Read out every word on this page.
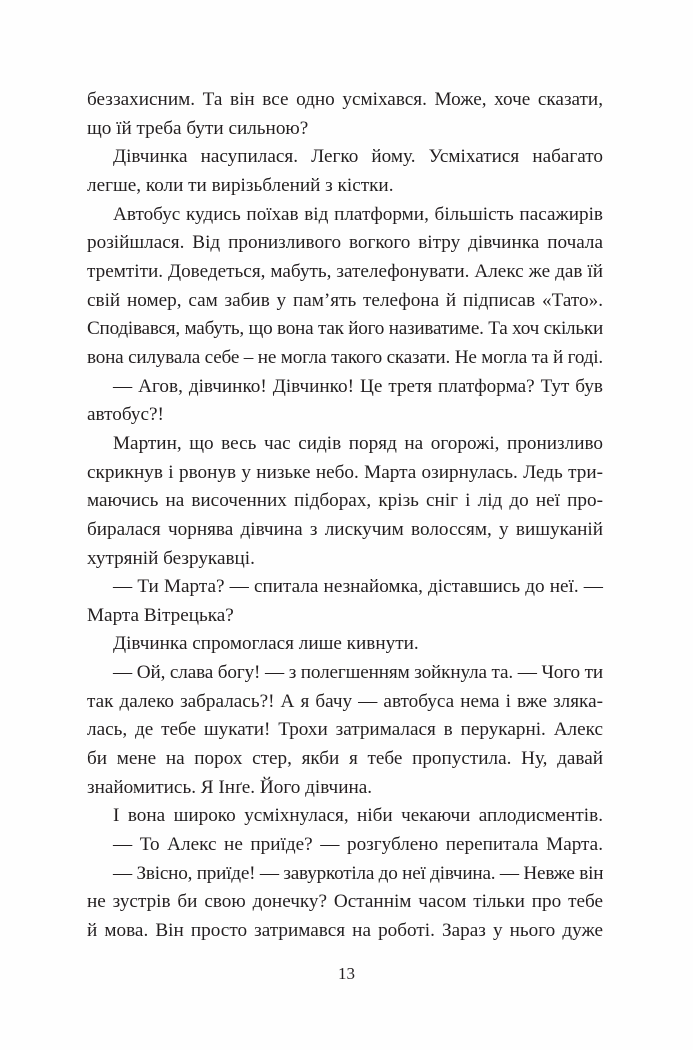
беззахисним. Та він все одно усміхався. Може, хоче сказати,
що їй треба бути сильною?
Дівчинка насупилася. Легко йому. Усміхатися набагато
легше, коли ти вирізьблений з кістки.
Автобус кудись поїхав від платформи, більшість пасажирів
розійшлася. Від пронизливого вогкого вітру дівчинка почала
тремтіти. Доведеться, мабуть, зателефонувати. Алекс же дав їй
свій номер, сам забив у пам’ять телефона й підписав «Тато».
Сподівався, мабуть, що вона так його називатиме. Та хоч скільки
вона силувала себе – не могла такого сказати. Не могла та й годі.
— Агов, дівчинко! Дівчинко! Це третя платформа? Тут був
автобус?!
Мартин, що весь час сидів поряд на огорожі, пронизливо
скрикнув і рвонув у низьке небо. Марта озирнулась. Ледь три-
маючись на височенних підборах, крізь сніг і лід до неї про-
биралася чорнява дівчина з лискучим волоссям, у вишуканій
хутряній безрукавці.
— Ти Марта? — спитала незнайомка, діставшись до неї. —
Марта Вітрецька?
Дівчинка спромоглася лише кивнути.
— Ой, слава богу! — з полегшенням зойкнула та. — Чого ти
так далеко забралась?! А я бачу — автобуса нема і вже зляка-
лась, де тебе шукати! Трохи затрималася в перукарні. Алекс
би мене на порох стер, якби я тебе пропустила. Ну, давай
знайомитись. Я Інґе. Його дівчина.
І вона широко усміхнулася, ніби чекаючи аплодисментів.
— То Алекс не приїде? — розгублено перепитала Марта.
— Звісно, приїде! — завуркотіла до неї дівчина. — Невже він
не зустрів би свою донечку? Останнім часом тільки про тебе
й мова. Він просто затримався на роботі. Зараз у нього дуже
13
